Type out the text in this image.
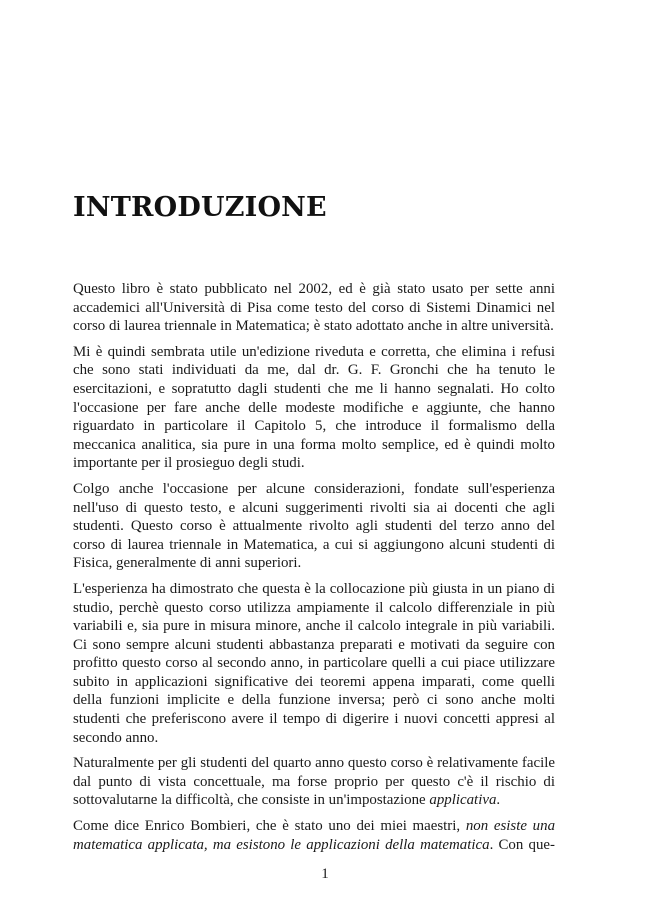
INTRODUZIONE

Questo libro è stato pubblicato nel 2002, ed è già stato usato per sette anni accademici all'Università di Pisa come testo del corso di Sistemi Dinamici nel corso di laurea triennale in Matematica; è stato adottato anche in altre università.

Mi è quindi sembrata utile un'edizione riveduta e corretta, che elimina i refusi che sono stati individuati da me, dal dr. G. F. Gronchi che ha tenuto le esercitazioni, e sopratutto dagli studenti che me li hanno segnalati. Ho colto l'occasione per fare anche delle modeste modifiche e aggiunte, che hanno riguardato in particolare il Capitolo 5, che introduce il formalismo della meccanica analitica, sia pure in una forma molto semplice, ed è quindi molto importante per il prosieguo degli studi.

Colgo anche l'occasione per alcune considerazioni, fondate sull'esperienza nell'uso di questo testo, e alcuni suggerimenti rivolti sia ai docenti che agli studenti. Questo corso è attualmente rivolto agli studenti del terzo anno del corso di laurea triennale in Matematica, a cui si aggiungono alcuni studenti di Fisica, generalmente di anni superiori.

L'esperienza ha dimostrato che questa è la collocazione più giusta in un piano di studio, perchè questo corso utilizza ampiamente il calcolo differenziale in più variabili e, sia pure in misura minore, anche il calcolo integrale in più variabili. Ci sono sempre alcuni studenti abbastanza preparati e motivati da seguire con profitto questo corso al secondo anno, in particolare quelli a cui piace utilizzare subito in applicazioni significative dei teoremi appena imparati, come quelli della funzioni implicite e della funzione inversa; però ci sono anche molti studenti che preferiscono avere il tempo di digerire i nuovi concetti appresi al secondo anno.

Naturalmente per gli studenti del quarto anno questo corso è relativamente facile dal punto di vista concettuale, ma forse proprio per questo c'è il rischio di sottovalutarne la difficoltà, che consiste in un'impostazione applicativa.

Come dice Enrico Bombieri, che è stato uno dei miei maestri, non esiste una matematica applicata, ma esistono le applicazioni della matematica. Con que-

1
